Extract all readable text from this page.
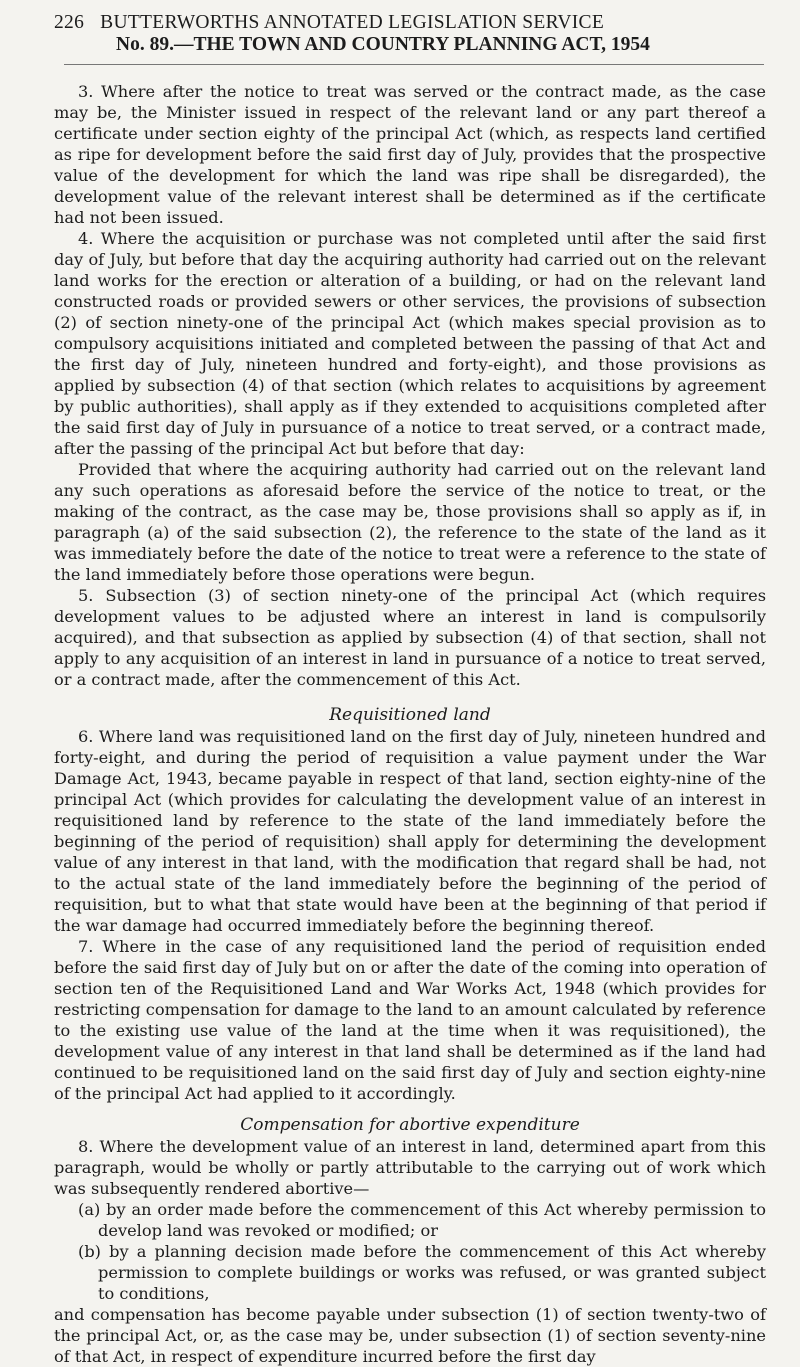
226 BUTTERWORTHS ANNOTATED LEGISLATION SERVICE
No. 89.—THE TOWN AND COUNTRY PLANNING ACT, 1954

3. Where after the notice to treat was served or the contract made, as the case may be, the Minister issued in respect of the relevant land or any part thereof a certificate under section eighty of the principal Act (which, as respects land certified as ripe for development before the said first day of July, provides that the prospective value of the development for which the land was ripe shall be disregarded), the development value of the relevant interest shall be determined as if the certificate had not been issued.

4. Where the acquisition or purchase was not completed until after the said first day of July, but before that day the acquiring authority had carried out on the relevant land works for the erection or alteration of a building, or had on the relevant land constructed roads or provided sewers or other services, the provisions of subsection (2) of section ninety-one of the principal Act (which makes special provision as to compulsory acquisitions initiated and completed between the passing of that Act and the first day of July, nineteen hundred and forty-eight), and those provisions as applied by subsection (4) of that section (which relates to acquisitions by agreement by public authorities), shall apply as if they extended to acquisitions completed after the said first day of July in pursuance of a notice to treat served, or a contract made, after the passing of the principal Act but before that day:

Provided that where the acquiring authority had carried out on the relevant land any such operations as aforesaid before the service of the notice to treat, or the making of the contract, as the case may be, those provisions shall so apply as if, in paragraph (a) of the said subsection (2), the reference to the state of the land as it was immediately before the date of the notice to treat were a reference to the state of the land immediately before those operations were begun.

5. Subsection (3) of section ninety-one of the principal Act (which requires development values to be adjusted where an interest in land is compulsorily acquired), and that subsection as applied by subsection (4) of that section, shall not apply to any acquisition of an interest in land in pursuance of a notice to treat served, or a contract made, after the commencement of this Act.

Requisitioned land

6. Where land was requisitioned land on the first day of July, nineteen hundred and forty-eight, and during the period of requisition a value payment under the War Damage Act, 1943, became payable in respect of that land, section eighty-nine of the principal Act (which provides for calculating the development value of an interest in requisitioned land by reference to the state of the land immediately before the beginning of the period of requisition) shall apply for determining the development value of any interest in that land, with the modification that regard shall be had, not to the actual state of the land immediately before the beginning of the period of requisition, but to what that state would have been at the beginning of that period if the war damage had occurred immediately before the beginning thereof.

7. Where in the case of any requisitioned land the period of requisition ended before the said first day of July but on or after the date of the coming into operation of section ten of the Requisitioned Land and War Works Act, 1948 (which provides for restricting compensation for damage to the land to an amount calculated by reference to the existing use value of the land at the time when it was requisitioned), the development value of any interest in that land shall be determined as if the land had continued to be requisitioned land on the said first day of July and section eighty-nine of the principal Act had applied to it accordingly.

Compensation for abortive expenditure

8. Where the development value of an interest in land, determined apart from this paragraph, would be wholly or partly attributable to the carrying out of work which was subsequently rendered abortive—

(a) by an order made before the commencement of this Act whereby permission to develop land was revoked or modified; or
(b) by a planning decision made before the commencement of this Act whereby permission to complete buildings or works was refused, or was granted subject to conditions,

and compensation has become payable under subsection (1) of section twenty-two of the principal Act, or, as the case may be, under subsection (1) of section seventy-nine of that Act, in respect of expenditure incurred before the first day
